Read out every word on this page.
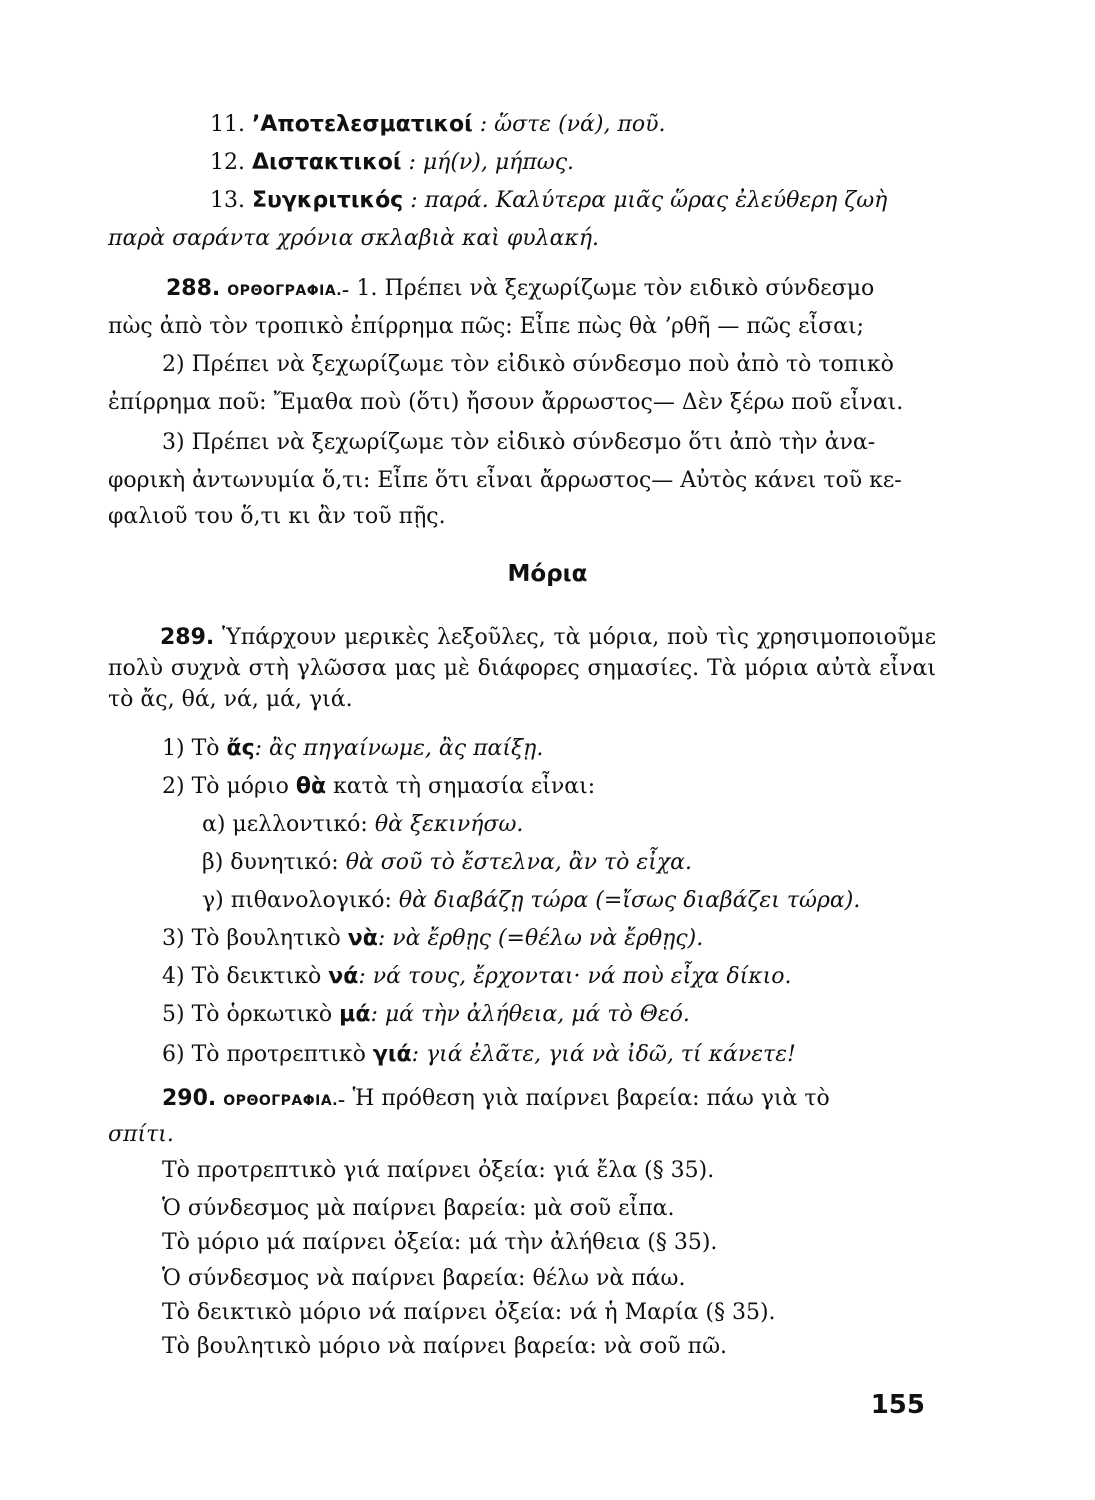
11. ʼΑποτελεσματικοί : ὥστε (νά), ποῦ.
12. Διστακτικοί : μή(ν), μήπως.
13. Συγκριτικός : παρά. Καλύτερα μιᾶς ὥρας ἐλεύθερη ζωὴ
παρὰ σαράντα χρόνια σκλαβιὰ καὶ φυλακή.
288. ΟΡΘΟΓΡΑΦΙΑ.– 1. Πρέπει νὰ ξεχωρίζωμε τὸν ειδικὸ σύνδεσμο
πὼς ἀπὸ τὸν τροπικὸ ἐπίρρημα πῶς: Εἶπε πὼς θὰ ʼρθῆ — πῶς εἶσαι;
2) Πρέπει νὰ ξεχωρίζωμε τὸν εἰδικὸ σύνδεσμο ποὺ ἀπὸ τὸ τοπικὸ
ἐπίρρημα ποῦ: Ἔμαθα ποὺ (ὅτι) ἤσουν ἄρρωστος— Δὲν ξέρω ποῦ εἶναι.
3) Πρέπει νὰ ξεχωρίζωμε τὸν εἰδικὸ σύνδεσμο ὅτι ἀπὸ τὴν ἀνα-
φορικὴ ἀντωνυμία ὅ,τι: Εἶπε ὅτι εἶναι ἄρρωστος— Αὐτὸς κάνει τοῦ κε-
φαλιοῦ του ὅ,τι κι ἂν τοῦ πῇς.
Μόρια
289. Ὑπάρχουν μερικὲς λεξοῦλες, τὰ μόρια, ποὺ τὶς χρησιμοποιοῦμε πολὺ συχνὰ στὴ γλῶσσα μας μὲ διάφορες σημασίες. Τὰ μόρια αὐτὰ εἶναι τὸ ἄς, θά, νά, μά, γιά.
1) Τὸ ἄς: ἂς πηγαίνωμε, ἂς παίξῃ.
2) Τὸ μόριο θὰ κατὰ τὴ σημασία εἶναι:
α) μελλοντικό: θὰ ξεκινήσω.
β) δυνητικό: θὰ σοῦ τὸ ἔστελνα, ἂν τὸ εἶχα.
γ) πιθανολογικό: θὰ διαβάζῃ τώρα (=ἴσως διαβάζει τώρα).
3) Τὸ βουλητικὸ νὰ: νὰ ἔρθῃς (=θέλω νὰ ἔρθῃς).
4) Τὸ δεικτικὸ νά: νά τους, ἔρχονται· νά ποὺ εἶχα δίκιο.
5) Τὸ ὁρκωτικὸ μά: μά τὴν ἀλήθεια, μά τὸ Θεό.
6) Τὸ προτρεπτικὸ γιά: γιά ἐλᾶτε, γιά νὰ ἰδῶ, τί κάνετε!
290. ΟΡΘΟΓΡΑΦΙΑ.– Ἡ πρόθεση γιὰ παίρνει βαρεία: πάω γιὰ τὸ
σπίτι.
Τὸ προτρεπτικὸ γιά παίρνει ὀξεία: γιά ἔλα (§ 35).
Ὁ σύνδεσμος μὰ παίρνει βαρεία: μὰ σοῦ εἶπα.
Τὸ μόριο μά παίρνει ὀξεία: μά τὴν ἀλήθεια (§ 35).
Ὁ σύνδεσμος νὰ παίρνει βαρεία: θέλω νὰ πάω.
Τὸ δεικτικὸ μόριο νά παίρνει ὀξεία: νά ἡ Μαρία (§ 35).
Τὸ βουλητικὸ μόριο νὰ παίρνει βαρεία: νὰ σοῦ πῶ.
155
